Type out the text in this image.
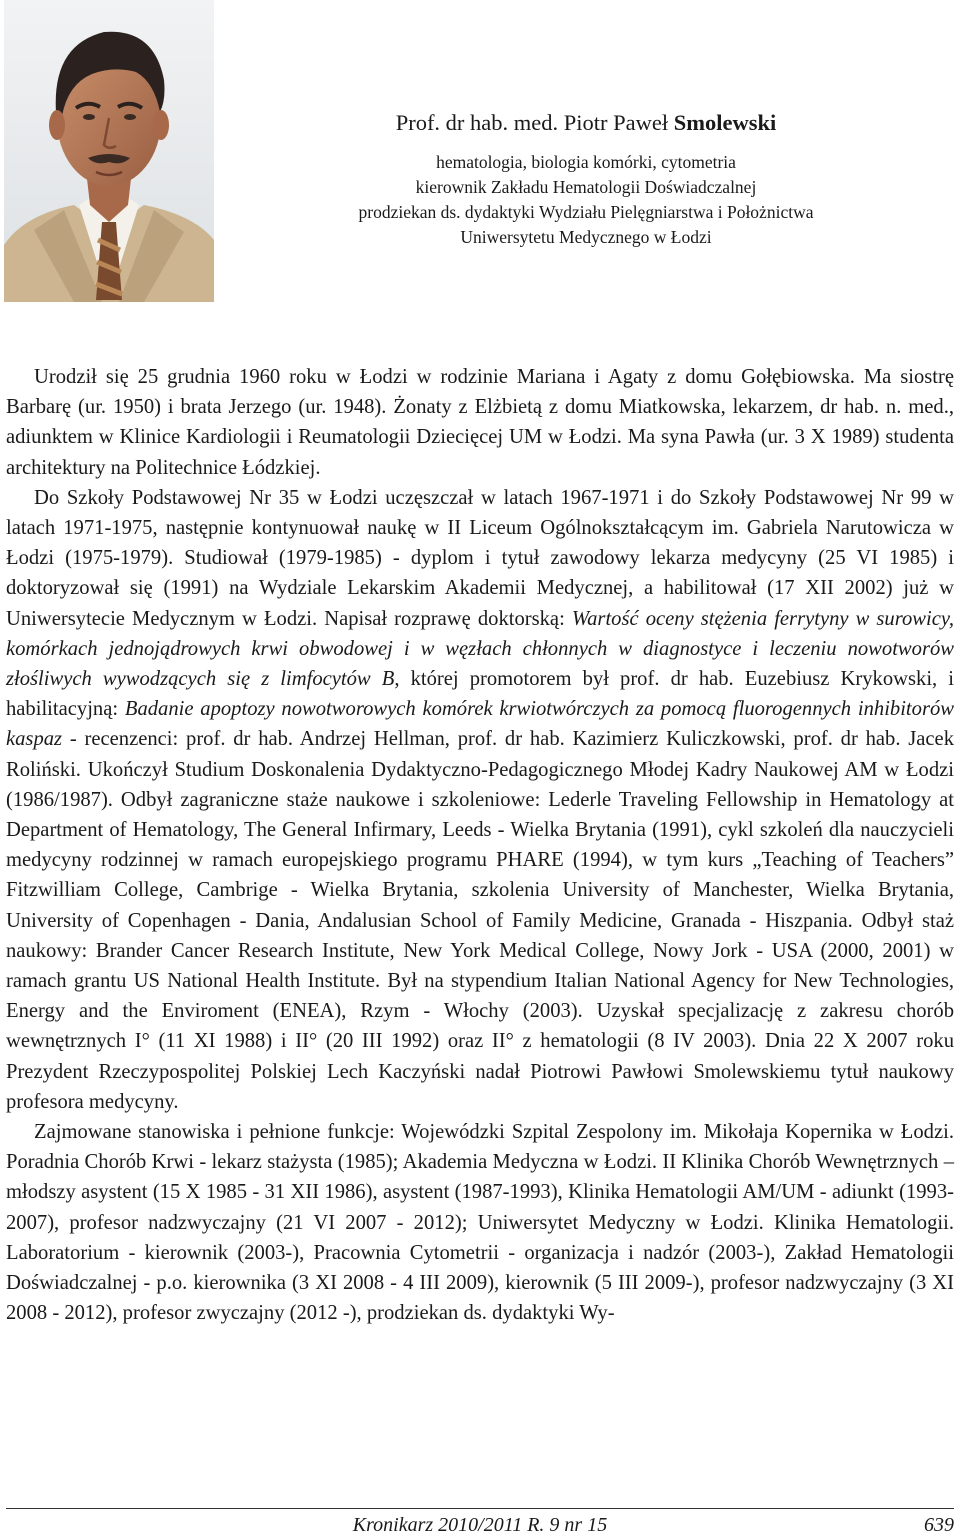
Prof. dr hab. med. Piotr Paweł Smolewski

hematologia, biologia komórki, cytometria

kierownik Zakładu Hematologii Doświadczalnej

prodziekan ds. dydaktyki Wydziału Pielęgniarstwa i Położnictwa

Uniwersytetu Medycznego w Łodzi

Urodził się 25 grudnia 1960 roku w Łodzi w rodzinie Mariana i Agaty z domu Gołębiowska. Ma siostrę Barbarę (ur. 1950) i brata Jerzego (ur. 1948). Żonaty z Elżbietą z domu Miatkowska, lekarzem, dr hab. n. med., adiunktem w Klinice Kardiologii i Reumatologii Dziecięcej UM w Łodzi. Ma syna Pawła (ur. 3 X 1989) studenta architektury na Politechnice Łódzkiej.

Do Szkoły Podstawowej Nr 35 w Łodzi uczęszczał w latach 1967-1971 i do Szkoły Podstawowej Nr 99 w latach 1971-1975, następnie kontynuował naukę w II Liceum Ogólnokształcącym im. Gabriela Narutowicza w Łodzi (1975-1979). Studiował (1979-1985) - dyplom i tytuł zawodowy lekarza medycyny (25 VI 1985) i doktoryzował się (1991) na Wydziale Lekarskim Akademii Medycznej, a habilitował (17 XII 2002) już w Uniwersytecie Medycznym w Łodzi. Napisał rozprawę doktorską: Wartość oceny stężenia ferrytyny w surowicy, komórkach jednojądrowych krwi obwodowej i w węzłach chłonnych w diagnostyce i leczeniu nowotworów złośliwych wywodzących się z limfocytów B, której promotorem był prof. dr hab. Euzebiusz Krykowski, i habilitacyjną: Badanie apoptozy nowotworowych komórek krwiotwórczych za pomocą fluorogennych inhibitorów kaspaz - recenzenci: prof. dr hab. Andrzej Hellman, prof. dr hab. Kazimierz Kuliczkowski, prof. dr hab. Jacek Roliński. Ukończył Studium Doskonalenia Dydaktyczno-Pedagogicznego Młodej Kadry Naukowej AM w Łodzi (1986/1987). Odbył zagraniczne staże naukowe i szkoleniowe: Lederle Traveling Fellowship in Hematology at Department of Hematology, The General Infirmary, Leeds - Wielka Brytania (1991), cykl szkoleń dla nauczycieli medycyny rodzinnej w ramach europejskiego programu PHARE (1994), w tym kurs „Teaching of Teachers” Fitzwilliam College, Cambrige - Wielka Brytania, szkolenia University of Manchester, Wielka Brytania, University of Copenhagen - Dania, Andalusian School of Family Medicine, Granada - Hiszpania. Odbył staż naukowy: Brander Cancer Research Institute, New York Medical College, Nowy Jork - USA (2000, 2001) w ramach grantu US National Health Institute. Był na stypendium Italian National Agency for New Technologies, Energy and the Enviroment (ENEA), Rzym - Włochy (2003). Uzyskał specjalizację z zakresu chorób wewnętrznych I° (11 XI 1988) i II° (20 III 1992) oraz II° z hematologii (8 IV 2003). Dnia 22 X 2007 roku Prezydent Rzeczypospolitej Polskiej Lech Kaczyński nadał Piotrowi Pawłowi Smolewskiemu tytuł naukowy profesora medycyny.

Zajmowane stanowiska i pełnione funkcje: Wojewódzki Szpital Zespolony im. Mikołaja Kopernika w Łodzi. Poradnia Chorób Krwi - lekarz stażysta (1985); Akademia Medyczna w Łodzi. II Klinika Chorób Wewnętrznych – młodszy asystent (15 X 1985 - 31 XII 1986), asystent (1987-1993), Klinika Hematologii AM/UM - adiunkt (1993-2007), profesor nadzwyczajny (21 VI 2007 - 2012); Uniwersytet Medyczny w Łodzi. Klinika Hematologii. Laboratorium - kierownik (2003-), Pracownia Cytometrii - organizacja i nadzór (2003-), Zakład Hematologii Doświadczalnej - p.o. kierownika (3 XI 2008 - 4 III 2009), kierownik (5 III 2009-), profesor nadzwyczajny (3 XI 2008 - 2012), profesor zwyczajny (2012 -), prodziekan ds. dydaktyki Wy-

Kronikarz 2010/2011 R. 9 nr 15	639
